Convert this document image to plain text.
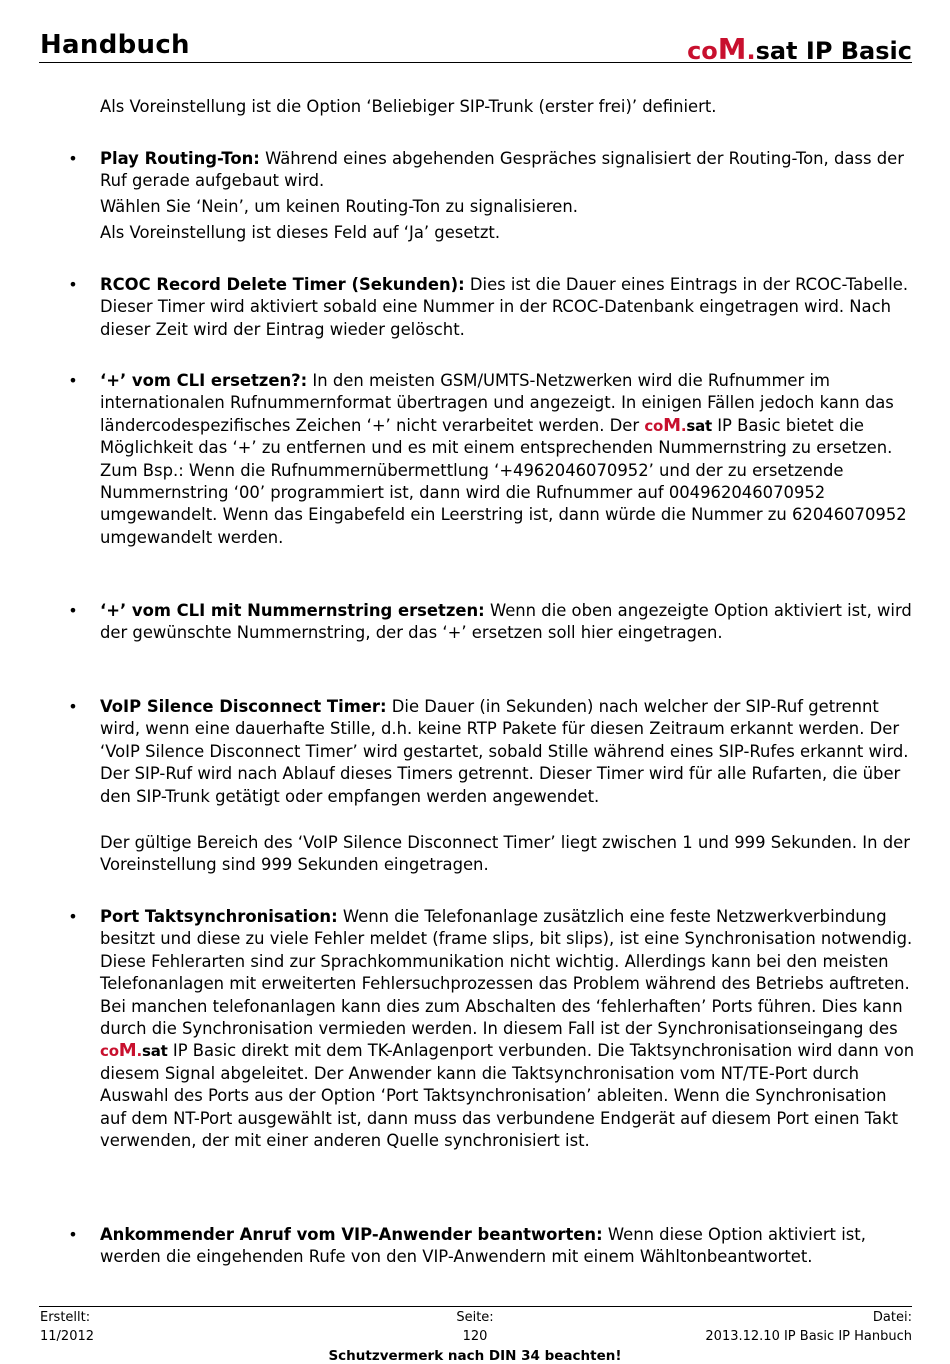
Handbuch	coM.sat IP Basic
Als Voreinstellung ist die Option ‘Beliebiger SIP-Trunk (erster frei)’ definiert.
• Play Routing-Ton: Während eines abgehenden Gespräches signalisiert der Routing-Ton, dass der Ruf gerade aufgebaut wird.
Wählen Sie ‘Nein’, um keinen Routing-Ton zu signalisieren.
Als Voreinstellung ist dieses Feld auf ‘Ja’ gesetzt.
• RCOC Record Delete Timer (Sekunden): Dies ist die Dauer eines Eintrags in der RCOC-Tabelle. Dieser Timer wird aktiviert sobald eine Nummer in der RCOC-Datenbank eingetragen wird. Nach dieser Zeit wird der Eintrag wieder gelöscht.
• ‘+’ vom CLI ersetzen?: In den meisten GSM/UMTS-Netzwerken wird die Rufnummer im internationalen Rufnummernformat übertragen und angezeigt. In einigen Fällen jedoch kann das ländercodespezifisches Zeichen ‘+’ nicht verarbeitet werden. Der coM.sat IP Basic bietet die Möglichkeit das ‘+’ zu entfernen und es mit einem entsprechenden Nummernstring zu ersetzen. Zum Bsp.: Wenn die Rufnummernübermettlung ‘+4962046070952’ und der zu ersetzende Nummernstring ‘00’ programmiert ist, dann wird die Rufnummer auf 004962046070952 umgewandelt. Wenn das Eingabefeld ein Leerstring ist, dann würde die Nummer zu 62046070952 umgewandelt werden.
• ‘+’ vom CLI mit Nummernstring ersetzen: Wenn die oben angezeigte Option aktiviert ist, wird der gewünschte Nummernstring, der das ‘+’ ersetzen soll hier eingetragen.
• VoIP Silence Disconnect Timer: Die Dauer (in Sekunden) nach welcher der SIP-Ruf getrennt wird, wenn eine dauerhafte Stille, d.h. keine RTP Pakete für diesen Zeitraum erkannt werden. Der ‘VoIP Silence Disconnect Timer’ wird gestartet, sobald Stille während eines SIP-Rufes erkannt wird. Der SIP-Ruf wird nach Ablauf dieses Timers getrennt. Dieser Timer wird für alle Rufarten, die über den SIP-Trunk getätigt oder empfangen werden angewendet.
Der gültige Bereich des ‘VoIP Silence Disconnect Timer’ liegt zwischen 1 und 999 Sekunden. In der Voreinstellung sind 999 Sekunden eingetragen.
• Port Taktsynchronisation: Wenn die Telefonanlage zusätzlich eine feste Netzwerkverbindung besitzt und diese zu viele Fehler meldet (frame slips, bit slips), ist eine Synchronisation notwendig. Diese Fehlerarten sind zur Sprachkommunikation nicht wichtig. Allerdings kann bei den meisten Telefonanlagen mit erweiterten Fehlersuchprozessen das Problem während des Betriebs auftreten. Bei manchen telefonanlagen kann dies zum Abschalten des ‘fehlerhaften’ Ports führen. Dies kann durch die Synchronisation vermieden werden. In diesem Fall ist der Synchronisationseingang des coM.sat IP Basic direkt mit dem TK-Anlagenport verbunden. Die Taktsynchronisation wird dann von diesem Signal abgeleitet. Der Anwender kann die Taktsynchronisation vom NT/TE-Port durch Auswahl des Ports aus der Option ‘Port Taktsynchronisation’ ableiten. Wenn die Synchronisation auf dem NT-Port ausgewählt ist, dann muss das verbundene Endgerät auf diesem Port einen Takt verwenden, der mit einer anderen Quelle synchronisiert ist.
• Ankommender Anruf vom VIP-Anwender beantworten: Wenn diese Option aktiviert ist, werden die eingehenden Rufe von den VIP-Anwendern mit einem Wähltonbeantwortet.
Erstellt:
11/2012
Seite:
120
Datei:
2013.12.10 IP Basic IP Hanbuch
Schutzvermerk nach DIN 34 beachten!
